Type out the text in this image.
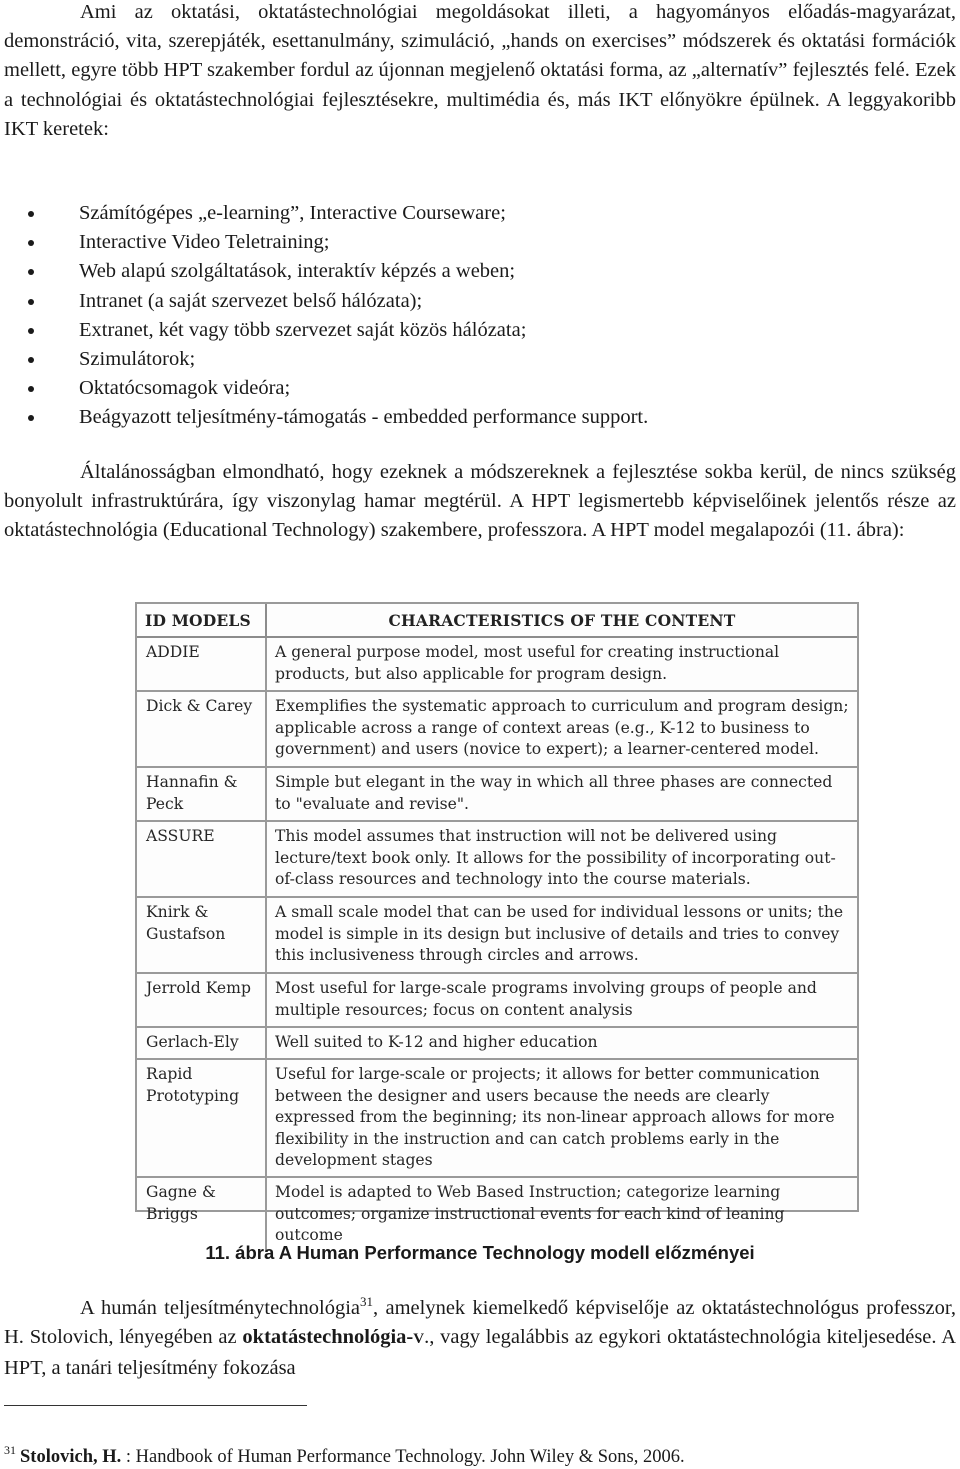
Ami az oktatási, oktatástechnológiai megoldásokat illeti, a hagyományos előadás-magyarázat, demonstráció, vita, szerepjáték, esettanulmány, szimuláció, „hands on exercises” módszerek és oktatási formációk mellett, egyre több HPT szakember fordul az újonnan megjelenő oktatási forma, az „alternatív” fejlesztés felé. Ezek a technológiai és oktatástechnológiai fejlesztésekre, multimédia és, más IKT előnyökre épülnek. A leggyakoribb IKT keretek:

Számítógépes „e-learning”, Interactive Courseware;
Interactive Video Teletraining;
Web alapú szolgáltatások, interaktív képzés a weben;
Intranet (a saját szervezet belső hálózata);
Extranet, két vagy több szervezet saját közös hálózata;
Szimulátorok;
Oktatócsomagok videóra;
Beágyazott teljesítmény-támogatás - embedded performance support.

Általánosságban elmondható, hogy ezeknek a módszereknek a fejlesztése sokba kerül, de nincs szükség bonyolult infrastruktúrára, így viszonylag hamar megtérül. A HPT legismertebb képviselőinek jelentős része az oktatástechnológia (Educational Technology) szakembere, professzora. A HPT model megalapozói (11. ábra):

ID MODELS	CHARACTERISTICS OF THE CONTENT
ADDIE	A general purpose model, most useful for creating instructional products, but also applicable for program design.
Dick & Carey	Exemplifies the systematic approach to curriculum and program design; applicable across a range of context areas (e.g., K-12 to business to government) and users (novice to expert); a learner-centered model.
Hannafin & Peck	Simple but elegant in the way in which all three phases are connected to "evaluate and revise".
ASSURE	This model assumes that instruction will not be delivered using lecture/text book only. It allows for the possibility of incorporating out-of-class resources and technology into the course materials.
Knirk & Gustafson	A small scale model that can be used for individual lessons or units; the model is simple in its design but inclusive of details and tries to convey this inclusiveness through circles and arrows.
Jerrold Kemp	Most useful for large-scale programs involving groups of people and multiple resources; focus on content analysis
Gerlach-Ely	Well suited to K-12 and higher education
Rapid Prototyping	Useful for large-scale or projects; it allows for better communication between the designer and users because the needs are clearly expressed from the beginning; its non-linear approach allows for more flexibility in the instruction and can catch problems early in the development stages
Gagne & Briggs	Model is adapted to Web Based Instruction; categorize learning outcomes; organize instructional events for each kind of leaning outcome
11. ábra A Human Performance Technology modell előzményei

A humán teljesítménytechnológia$^{31}$, amelynek kiemelkedő képviselője az oktatástechnológus professzor, H. Stolovich, lényegében az oktatástechnológia-V., vagy legalábbis az egykori oktatástechnológia kiteljesedése. A HPT, a tanári teljesítmény fokozása

$^{31}$ Stolovich, H. : Handbook of Human Performance Technology. John Wiley & Sons, 2006.
